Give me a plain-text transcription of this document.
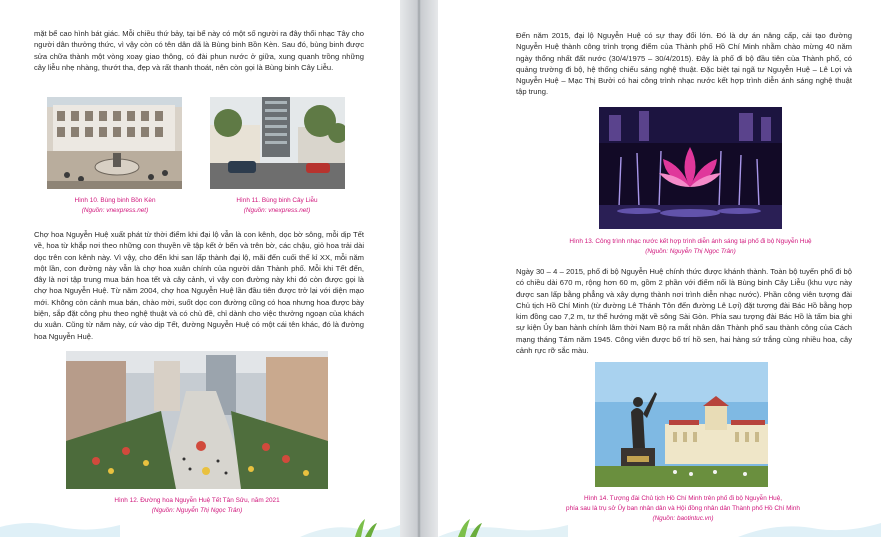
mặt bể cao hình bát giác. Mỗi chiều thứ bảy, tại bể này có một số người ra đây thổi nhạc Tây cho người dân thưởng thức, vì vậy còn có tên dân dã là Bùng binh Bồn Kèn. Sau đó, bùng binh được sửa chữa thành một vòng xoay giao thông, có đài phun nước ở giữa, xung quanh trồng những cây liễu nhẹ nhàng, thướt tha, đẹp và rất thanh thoát, nên còn gọi là Bùng binh Cây Liễu.

Hình 10. Bùng binh Bồn Kèn
(Nguồn: vnexpress.net)
Hình 11. Bùng binh Cây Liễu
(Nguồn: vnexpress.net)

Chợ hoa Nguyễn Huệ xuất phát từ thời điểm khi đại lộ vẫn là con kênh, dọc bờ sông, mỗi dịp Tết về, hoa từ khắp nơi theo những con thuyền về tập kết ở bến và trên bờ, các chậu, giỏ hoa trải dài dọc trên con kênh này. Vì vậy, cho đến khi san lấp thành đại lộ, mãi đến cuối thế kỉ XX, mỗi năm một lần, con đường này vẫn là chợ hoa xuân chính của người dân Thành phố. Mỗi khi Tết đến, đây là nơi tập trung mua bán hoa tết và cây cảnh, vì vậy con đường này khi đó còn được gọi là chợ hoa Nguyễn Huệ. Từ năm 2004, chợ hoa Nguyễn Huệ lần đầu tiên được trở lại với diện mạo mới. Không còn cảnh mua bán, chào mời, suốt dọc con đường cũng có hoa nhưng hoa được bày biện, sắp đặt công phu theo nghệ thuật và có chủ đề, chỉ dành cho việc thưởng ngoạn của khách du xuân. Cũng từ năm này, cứ vào dịp Tết, đường Nguyễn Huệ có một cái tên khác, đó là đường hoa Nguyễn Huệ.

Hình 12. Đường hoa Nguyễn Huệ Tết Tân Sửu, năm 2021
(Nguồn: Nguyễn Thị Ngọc Trân)

Đến năm 2015, đại lộ Nguyễn Huệ có sự thay đổi lớn. Đó là dự án nâng cấp, cải tạo đường Nguyễn Huệ thành công trình trọng điểm của Thành phố Hồ Chí Minh nhằm chào mừng 40 năm ngày thống nhất đất nước (30/4/1975 – 30/4/2015). Đây là phố đi bộ đầu tiên của Thành phố, có quảng trường đi bộ, hệ thống chiếu sáng nghệ thuật. Đặc biệt tại ngã tư Nguyễn Huệ – Lê Lợi và Nguyễn Huệ – Mạc Thị Bưởi có hai công trình nhạc nước kết hợp trình diễn ánh sáng nghệ thuật tập trung.

Hình 13. Công trình nhạc nước kết hợp trình diễn ánh sáng tại phố đi bộ Nguyễn Huệ
(Nguồn: Nguyễn Thị Ngọc Trân)

Ngày 30 – 4 – 2015, phố đi bộ Nguyễn Huệ chính thức được khánh thành. Toàn bộ tuyến phố đi bộ có chiều dài 670 m, rộng hơn 60 m, gồm 2 phần với điểm nối là Bùng binh Cây Liễu (khu vực này được san lấp bằng phẳng và xây dựng thành nơi trình diễn nhạc nước). Phần công viên tượng đài Chủ tịch Hồ Chí Minh (từ đường Lê Thánh Tôn đến đường Lê Lợi) đặt tượng đài Bác Hồ bằng hợp kim đồng cao 7,2 m, tư thế hướng mặt về sông Sài Gòn. Phía sau tượng đài Bác Hồ là tấm bia ghi sự kiện Ủy ban hành chính lâm thời Nam Bộ ra mắt nhân dân Thành phố sau thành công của Cách mạng tháng Tám năm 1945. Công viên được bố trí hồ sen, hai hàng sứ trắng cùng nhiều hoa, cây cảnh rực rỡ sắc màu.

Hình 14. Tượng đài Chủ tịch Hồ Chí Minh trên phố đi bộ Nguyễn Huệ,
phía sau là trụ sở Ủy ban nhân dân và Hội đồng nhân dân Thành phố Hồ Chí Minh
(Nguồn: baotintuc.vn)
